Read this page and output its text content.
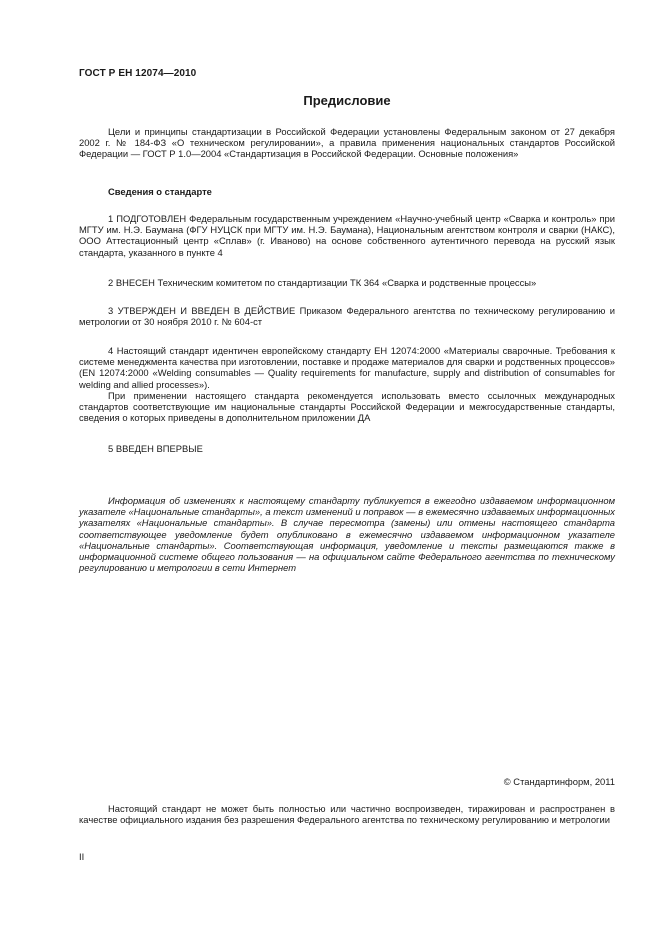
ГОСТ Р ЕН 12074—2010
Предисловие

Цели и принципы стандартизации в Российской Федерации установлены Федеральным законом от 27 декабря 2002 г. № 184-ФЗ «О техническом регулировании», а правила применения национальных стандартов Российской Федерации — ГОСТ Р 1.0—2004 «Стандартизация в Российской Федерации. Основные положения»

Сведения о стандарте

1 ПОДГОТОВЛЕН Федеральным государственным учреждением «Научно-учебный центр «Сварка и контроль» при МГТУ им. Н.Э. Баумана (ФГУ НУЦСК при МГТУ им. Н.Э. Баумана), Национальным агентством контроля и сварки (НАКС), ООО Аттестационный центр «Сплав» (г. Иваново) на основе собственного аутентичного перевода на русский язык стандарта, указанного в пункте 4

2 ВНЕСЕН Техническим комитетом по стандартизации ТК 364 «Сварка и родственные процессы»

3 УТВЕРЖДЕН И ВВЕДЕН В ДЕЙСТВИЕ Приказом Федерального агентства по техническому регулированию и метрологии от 30 ноября 2010 г. № 604-ст

4 Настоящий стандарт идентичен европейскому стандарту ЕН 12074:2000 «Материалы сварочные. Требования к системе менеджмента качества при изготовлении, поставке и продаже материалов для сварки и родственных процессов» (EN 12074:2000 «Welding consumables — Quality requirements for manufacture, supply and distribution of consumables for welding and allied processes»).

При применении настоящего стандарта рекомендуется использовать вместо ссылочных международных стандартов соответствующие им национальные стандарты Российской Федерации и межгосударственные стандарты, сведения о которых приведены в дополнительном приложении ДА

5 ВВЕДЕН ВПЕРВЫЕ

Информация об изменениях к настоящему стандарту публикуется в ежегодно издаваемом информационном указателе «Национальные стандарты», а текст изменений и поправок — в ежемесячно издаваемых информационных указателях «Национальные стандарты». В случае пересмотра (замены) или отмены настоящего стандарта соответствующее уведомление будет опубликовано в ежемесячно издаваемом информационном указателе «Национальные стандарты». Соответствующая информация, уведомление и тексты размещаются также в информационной системе общего пользования — на официальном сайте Федерального агентства по техническому регулированию и метрологии в сети Интернет

© Стандартинформ, 2011

Настоящий стандарт не может быть полностью или частично воспроизведен, тиражирован и распространен в качестве официального издания без разрешения Федерального агентства по техническому регулированию и метрологии

II
